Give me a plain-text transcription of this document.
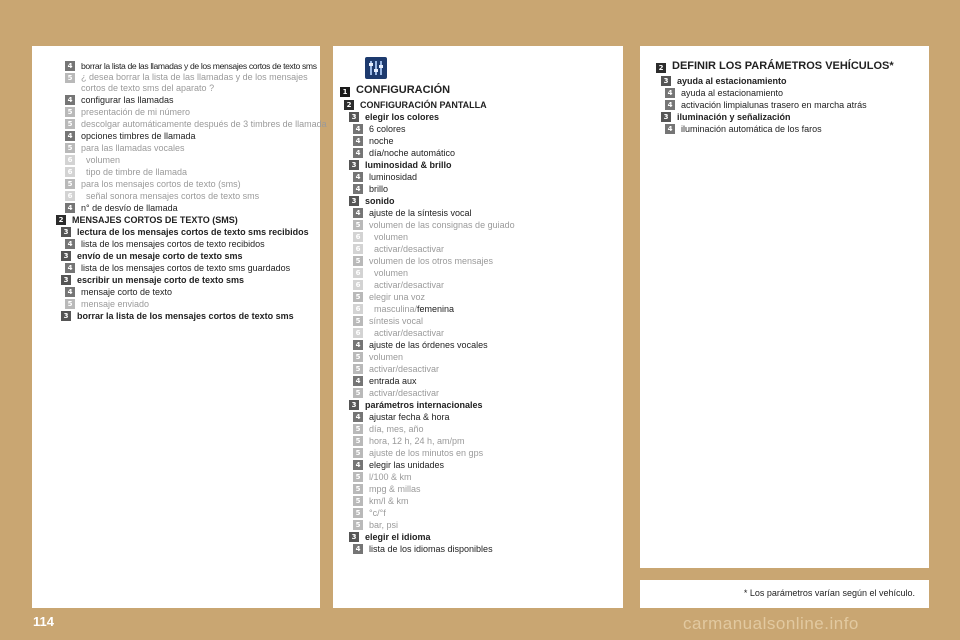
* Los parámetros varían según el vehículo.
4 borrar la lista de las llamadas y de los mensajes cortos de texto sms
5 ¿ desea borrar la lista de las llamadas y de los mensajes cortos de texto sms del aparato ?
4 configurar las llamadas
5 presentación de mi número
5 descolgar automáticamente después de 3 timbres de llamada
4 opciones timbres de llamada
5 para las llamadas vocales
6	volumen
6	tipo de timbre de llamada
5 para los mensajes cortos de texto (sms)
6	señal sonora mensajes cortos de texto sms
4 n° de desvío de llamada
2 MENSAJES CORTOS DE TEXTO (SMS)
3 lectura de los mensajes cortos de texto sms recibidos
4 lista de los mensajes cortos de texto recibidos
3 envío de un mesaje corto de texto sms
4 lista de los mensajes cortos de texto sms guardados
3 escribir un mensaje corto de texto sms
4 mensaje corto de texto
5 mensaje enviado
3 borrar la lista de los mensajes cortos de texto sms
1 CONFIGURACIÓN
2 CONFIGURACIÓN PANTALLA
3 elegir los colores
4 6 colores
4 noche
4 día/noche automático
3 luminosidad & brillo
4 luminosidad
4 brillo
3 sonido
4 ajuste de la síntesis vocal
5 volumen de las consignas de guiado
6	volumen
6	activar/desactivar
5 volumen de los otros mensajes
6	volumen
6	activar/desactivar
5 elegir una voz
6	masculina/femenina
5 síntesis vocal
6	activar/desactivar
4 ajuste de las órdenes vocales
5 volumen
5 activar/desactivar
4 entrada aux
5 activar/desactivar
3 parámetros internacionales
4 ajustar fecha & hora
5 día, mes, año
5 hora, 12 h, 24 h, am/pm
5 ajuste de los minutos en gps
4 elegir las unidades
5 l/100 & km
5 mpg & millas
5 km/l & km
5 °c/°f
5 bar, psi
3 elegir el idioma
4 lista de los idiomas disponibles
2 DEFINIR LOS PARÁMETROS VEHÍCULOS*
3 ayuda al estacionamiento
4 ayuda al estacionamiento
4 activación limpialunas trasero en marcha atrás
3 iluminación y señalización
4 iluminación automática de los faros
114	carmanualsonline.info
